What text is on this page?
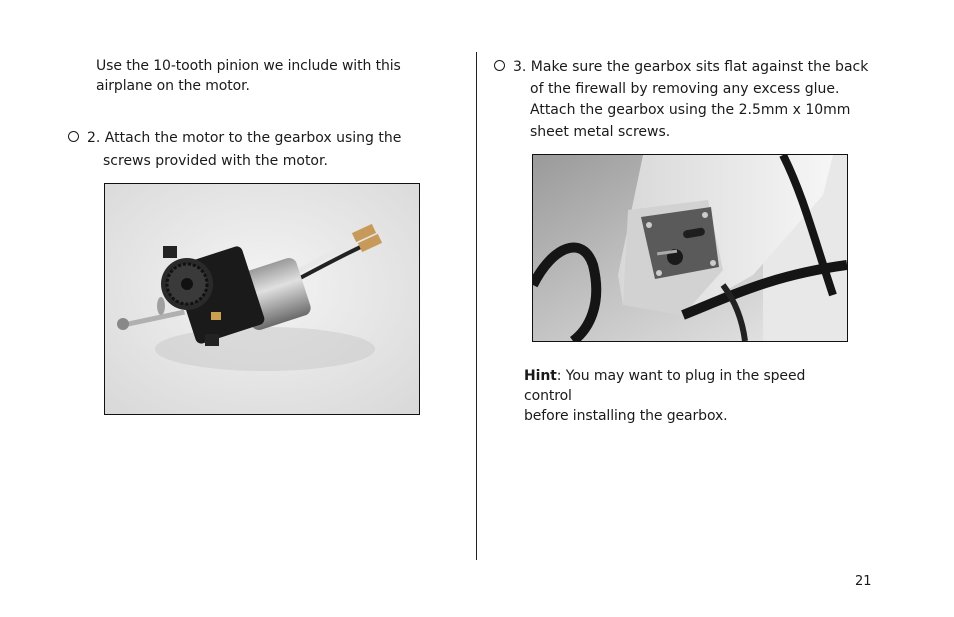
Use the 10-tooth pinion we include with this airplane on the motor.
2. Attach the motor to the gearbox using the
screws provided with the motor.
3. Make sure the gearbox sits flat against the back
of the firewall by removing any excess glue.
Attach the gearbox using the 2.5mm x 10mm
sheet metal screws.
Hint: You may want to plug in the speed control
before installing the gearbox.
21
